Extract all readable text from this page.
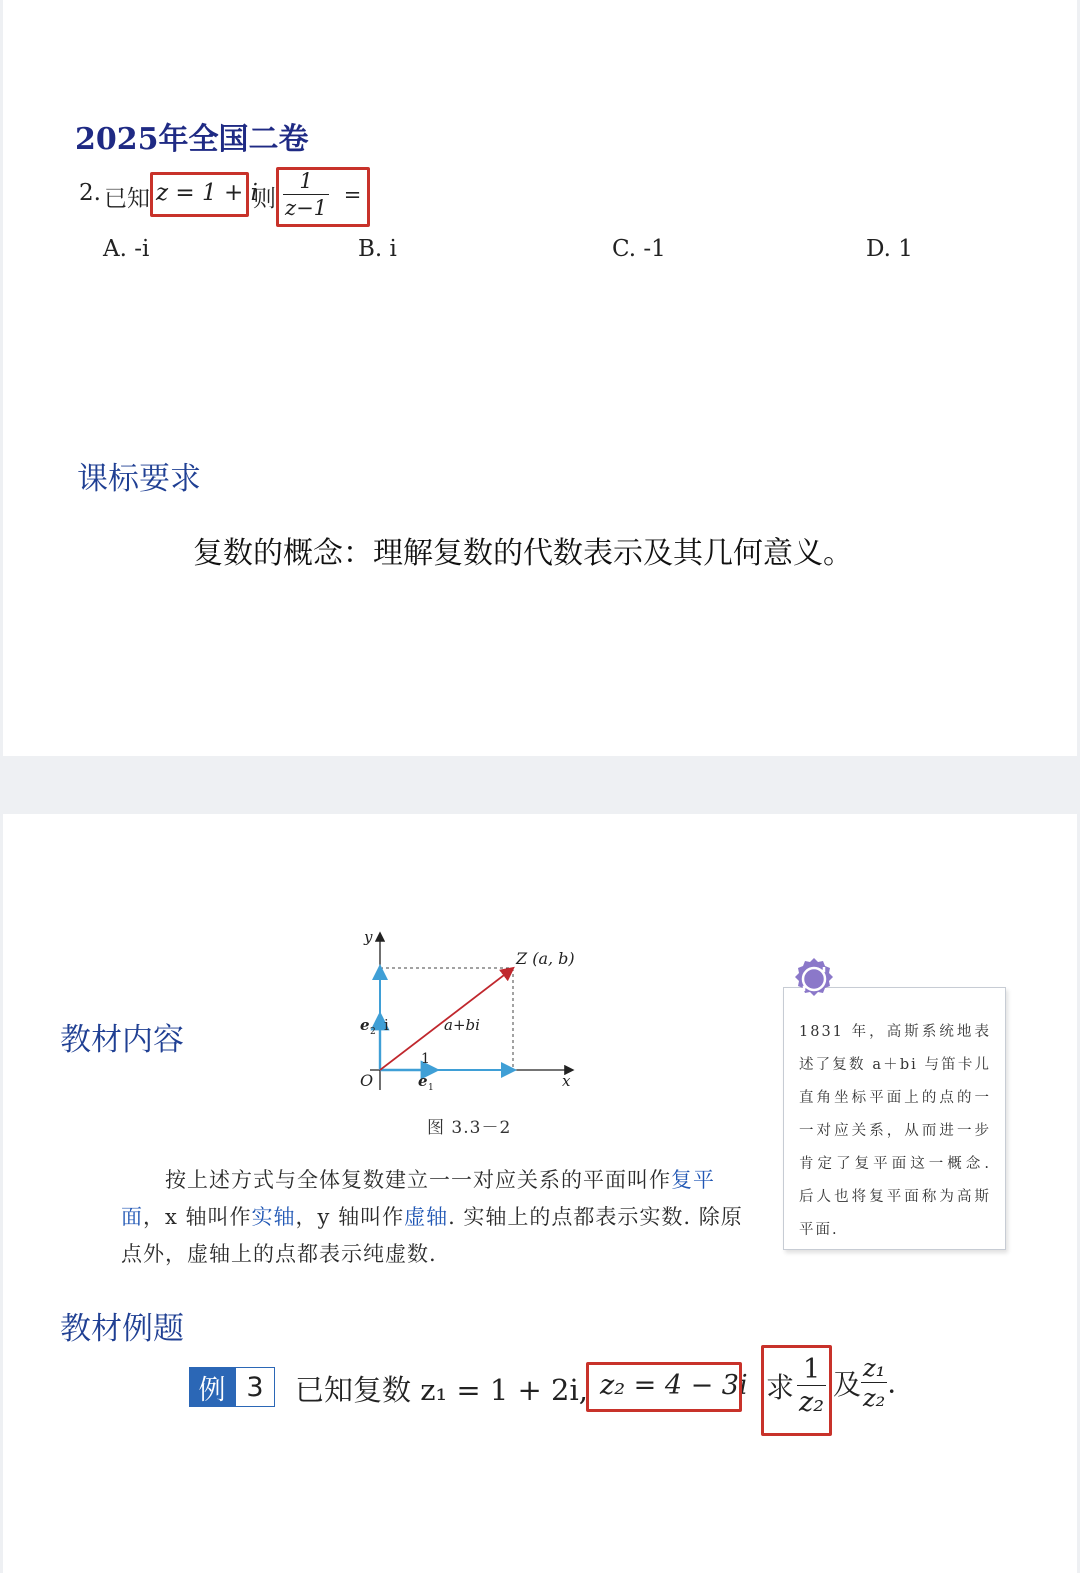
2025年全国二卷
2. 已知 z = 1 + i
则 $\frac{1}{z-1}$ =
A. -i	B. i	C. -1	D. 1
课标要求
复数的概念：理解复数的代数表示及其几何意义。
教材内容
y
x
O
Z (a, b)
a+bi
e 2 i
e 1
1
图 3.3－2
按上述方式与全体复数建立一一对应关系的平面叫作复平面，x 轴叫作实轴，y 轴叫作虚轴. 实轴上的点都表示实数. 除原点外，虚轴上的点都表示纯虚数.
1831 年，高斯系统地表述了复数 a＋bi 与笛卡儿直角坐标平面上的点的一一对应关系，从而进一步肯定了复平面这一概念. 后人也将复平面称为高斯平面.
教材例题
例 3	已知复数 z₁ = 1 + 2i, z₂ = 4 − 3i 求 $\frac{1}{\text{z₂}}$ 及 $\frac{\text{z₁}}{\text{z₂}}$ .
